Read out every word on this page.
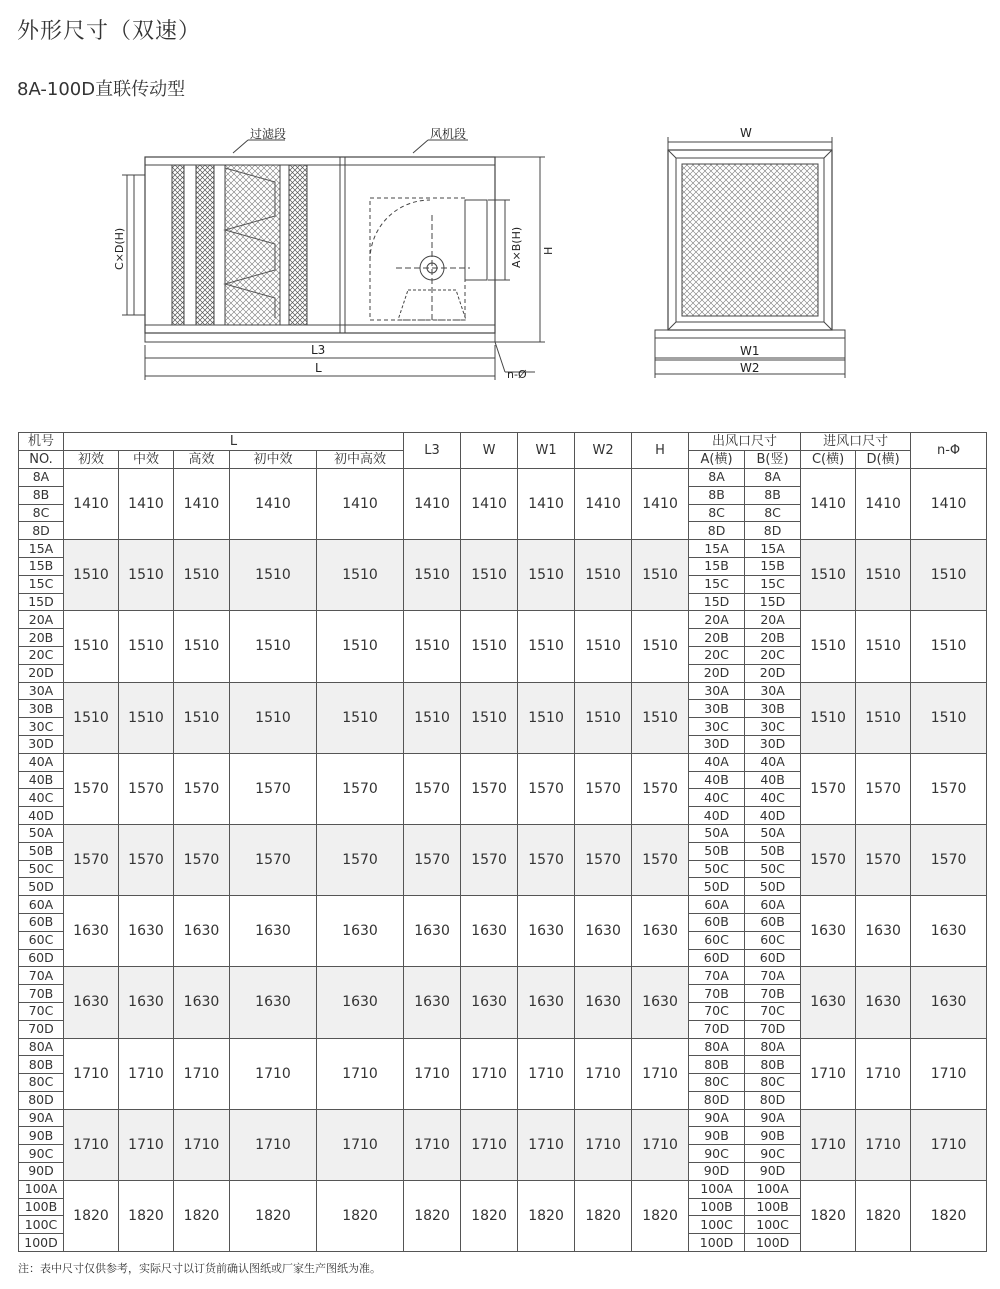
外形尺寸（双速）
8A-100D直联传动型
过滤段	风机段
C×D(H)	A×B(H) H
L3
L	n-Ø
W
W1
W2
机号	L					L3	W	W1	W2	H	出风口尺寸		进风口尺寸		n-Φ
NO.	初效	中效	高效	初中效	初中高效						A(横)	B(竖)	C(横)	D(横)	
8A	1410	1410	1410	1410	1410	1410	1410	1410	1410	1410	8A	8A	1410	1410	1410
8B											8B	8B			
8C											8C	8C			
8D											8D	8D			
15A	1510	1510	1510	1510	1510	1510	1510	1510	1510	1510	15A	15A	1510	1510	1510
15B											15B	15B			
15C											15C	15C			
15D											15D	15D			
20A	1510	1510	1510	1510	1510	1510	1510	1510	1510	1510	20A	20A	1510	1510	1510
20B											20B	20B			
20C											20C	20C			
20D											20D	20D			
30A	1510	1510	1510	1510	1510	1510	1510	1510	1510	1510	30A	30A	1510	1510	1510
30B											30B	30B			
30C											30C	30C			
30D											30D	30D			
40A	1570	1570	1570	1570	1570	1570	1570	1570	1570	1570	40A	40A	1570	1570	1570
40B											40B	40B			
40C											40C	40C			
40D											40D	40D			
50A	1570	1570	1570	1570	1570	1570	1570	1570	1570	1570	50A	50A	1570	1570	1570
50B											50B	50B			
50C											50C	50C			
50D											50D	50D			
60A	1630	1630	1630	1630	1630	1630	1630	1630	1630	1630	60A	60A	1630	1630	1630
60B											60B	60B			
60C											60C	60C			
60D											60D	60D			
70A	1630	1630	1630	1630	1630	1630	1630	1630	1630	1630	70A	70A	1630	1630	1630
70B											70B	70B			
70C											70C	70C			
70D											70D	70D			
80A	1710	1710	1710	1710	1710	1710	1710	1710	1710	1710	80A	80A	1710	1710	1710
80B											80B	80B			
80C											80C	80C			
80D											80D	80D			
90A	1710	1710	1710	1710	1710	1710	1710	1710	1710	1710	90A	90A	1710	1710	1710
90B											90B	90B			
90C											90C	90C			
90D											90D	90D			
100A	1820	1820	1820	1820	1820	1820	1820	1820	1820	1820	100A	100A	1820	1820	1820
100B											100B	100B			
100C											100C	100C			
100D											100D	100D			
注：表中尺寸仅供参考，实际尺寸以订货前确认图纸或厂家生产图纸为准。
